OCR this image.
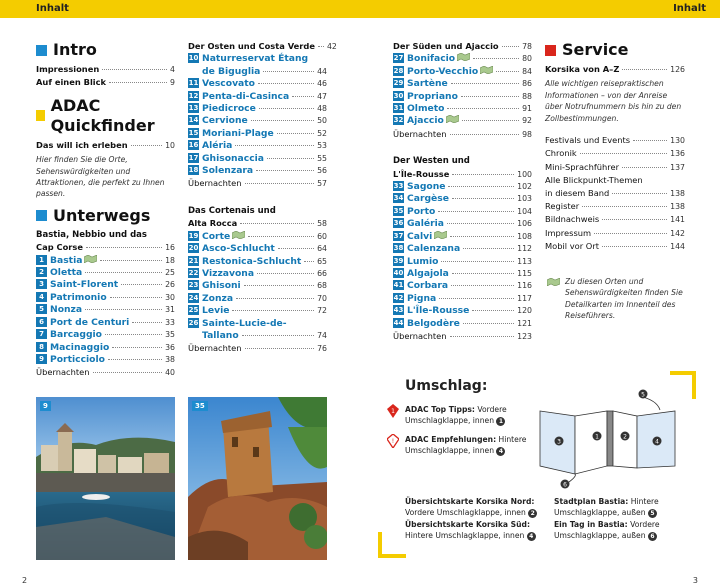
Inhalt
Intro
Impressionen	4
Auf einen Blick	9
ADAC Quickfinder
Das will ich erleben	10
Hier finden Sie die Orte, Sehenswürdigkeiten und Attraktionen, die perfekt zu Ihnen passen.
Unterwegs
Bastia, Nebbio und das
Cap Corse	16
1 Bastia	18
2 Oletta	25
3 Saint-Florent	26
4 Patrimonio	30
5 Nonza	31
6 Port de Centuri	33
7 Barcaggio	35
8 Macinaggio	36
9 Porticciolo	38
Übernachten	40
Der Osten und Costa Verde 42
10 Naturreservat Étang
de Biguglia	44
11 Vescovato	46
12 Penta-di-Casinca	47
13 Piedicroce	48
14 Cervione	50
15 Moriani-Plage	52
16 Aléria	53
17 Ghisonaccia	55
18 Solenzara	56
Übernachten	57
Das Cortenais und
Alta Rocca	58
19 Corte	60
20 Asco-Schlucht	64
21 Restonica-Schlucht 65
22 Vizzavona	66
23 Ghisoni	68
24 Zonza	70
25 Levie	72
26 Sainte-Lucie-de-
Tallano	74
Übernachten	76
9	35
2
Inhalt
3
Der Süden und Ajaccio	78
27 Bonifacio	80
28 Porto-Vecchio	84
29 Sartène	86
30 Propriano	88
31 Olmeto	91
32 Ajaccio	92
Übernachten	98
Der Westen und
L'Île-Rousse	100
33 Sagone	102
34 Cargèse	103
35 Porto	104
36 Galéria	106
37 Calvi	108
38 Calenzana	112
39 Lumio	113
40 Algajola	115
41 Corbara	116
42 Pigna	117
43 L'Île-Rousse	120
44 Belgodère	121
Übernachten	123
Service
Korsika von A–Z	126
Alle wichtigen reisepraktischen Informationen – von der Anreise über Notrufnummern bis hin zu den Zollbestimmungen.
Festivals und Events	130
Chronik	136
Mini-Sprachführer	137
Alle Blickpunkt-Themen
in diesem Band	138
Register	138
Bildnachweis	141
Impressum	142
Mobil vor Ort	144
Zu diesen Orten und Sehenswürdigkeiten finden Sie Detailkarten im Innenteil des Reiseführers.
Umschlag:
1 ADAC Top Tipps: Vordere
Umschlagklappe, innen 1
! ADAC Empfehlungen: Hintere
Umschlagklappe, innen 4
Übersichtskarte Korsika Nord:
Vordere Umschlagklappe, innen 2
Übersichtskarte Korsika Süd:
Hintere Umschlagklappe, innen 4
Stadtplan Bastia: Hintere
Umschlagklappe, außen 5
Ein Tag in Bastia: Vordere
Umschlagklappe, außen 6
3
1	2
4
5
6
